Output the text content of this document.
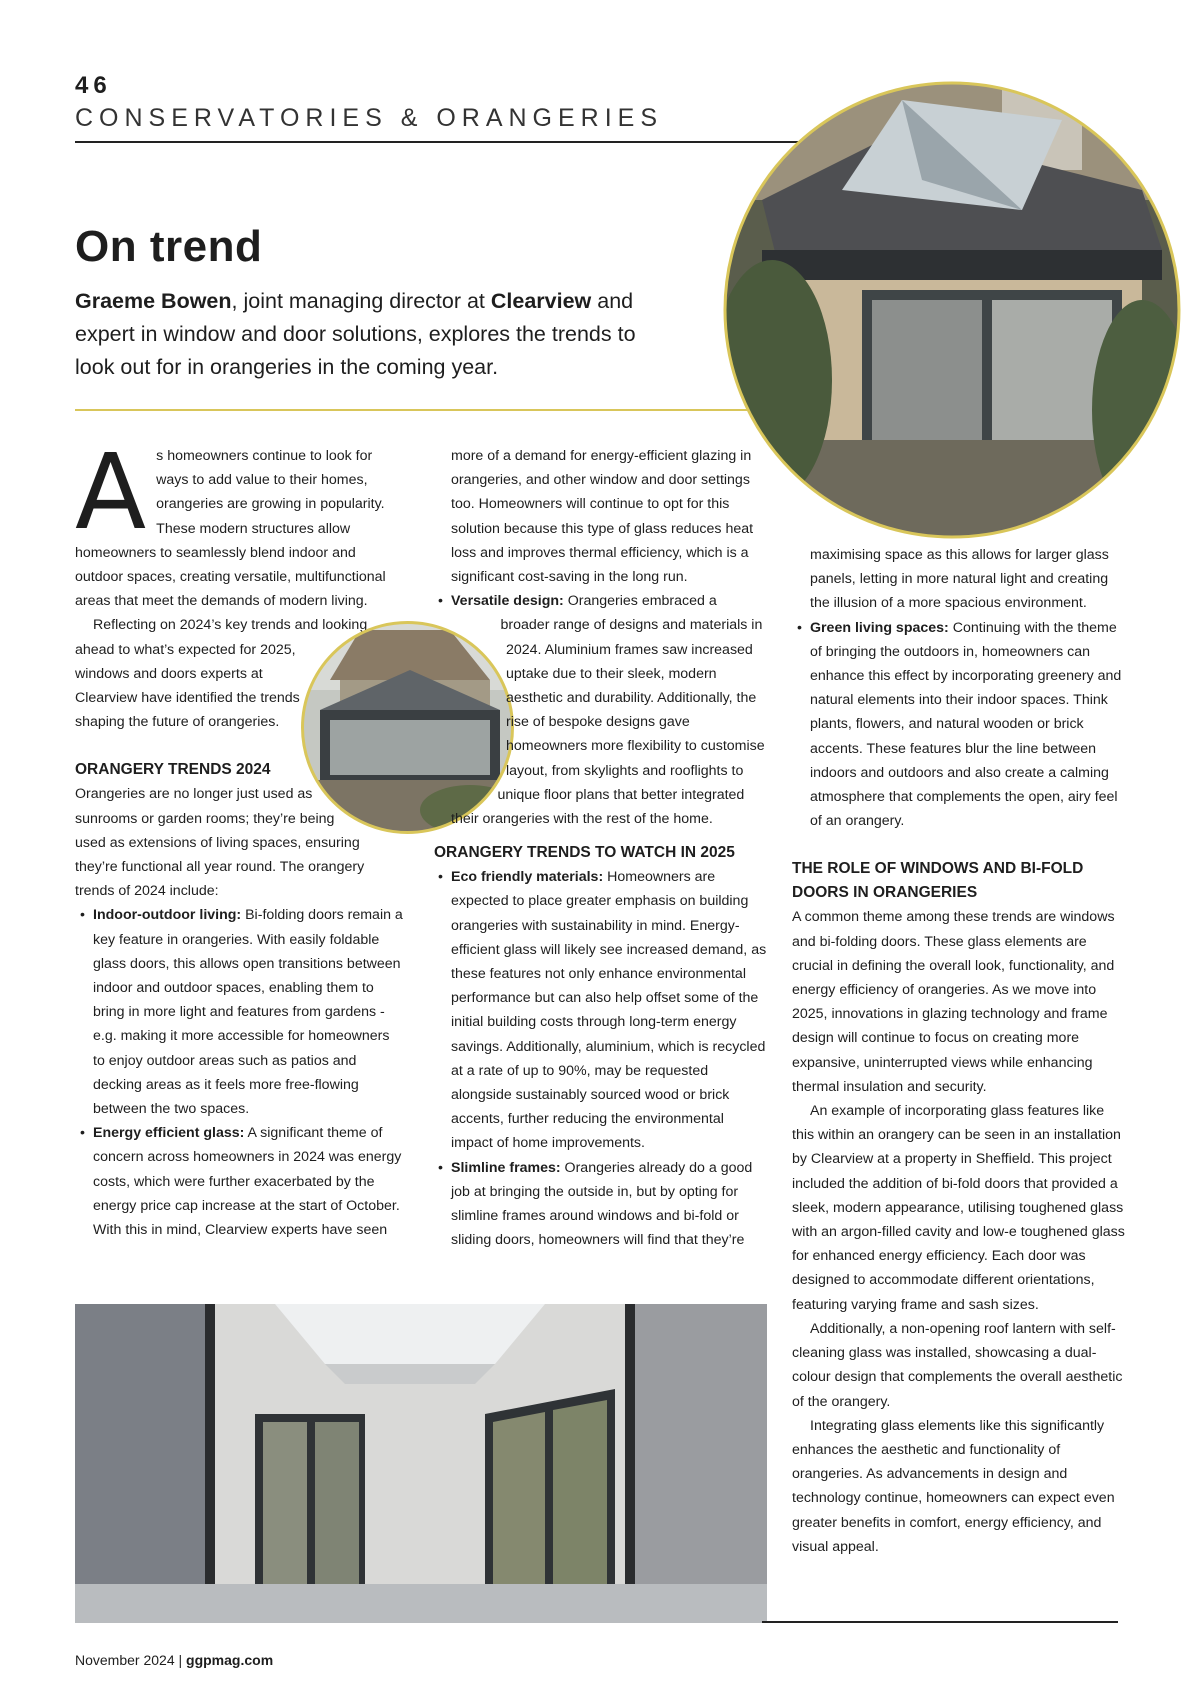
46
CONSERVATORIES & ORANGERIES
On trend
Graeme Bowen, joint managing director at Clearview and expert in window and door solutions, explores the trends to look out for in orangeries in the coming year.
A s homeowners continue to look for ways to add value to their homes, orangeries are growing in popularity. These modern structures allow homeowners to seamlessly blend indoor and outdoor spaces, creating versatile, multifunctional areas that meet the demands of modern living.

Reflecting on 2024’s key trends and looking ahead to what’s expected for 2025, windows and doors experts at Clearview have identified the trends shaping the future of orangeries.

ORANGERY TRENDS 2024

Orangeries are no longer just used as sunrooms or garden rooms; they’re being used as extensions of living spaces, ensuring they’re functional all year round. The orangery trends of 2024 include:

• Indoor-outdoor living: Bi-folding doors remain a key feature in orangeries. With easily foldable glass doors, this allows open transitions between indoor and outdoor spaces, enabling them to bring in more light and features from gardens - e.g. making it more accessible for homeowners to enjoy outdoor areas such as patios and decking areas as it feels more free-flowing between the two spaces.

• Energy efficient glass: A significant theme of concern across homeowners in 2024 was energy costs, which were further exacerbated by the energy price cap increase at the start of October. With this in mind, Clearview experts have seen

more of a demand for energy-efficient glazing in orangeries, and other window and door settings too. Homeowners will continue to opt for this solution because this type of glass reduces heat loss and improves thermal efficiency, which is a significant cost-saving in the long run.

• Versatile design: Orangeries embraced a broader range of designs and materials in 2024. Aluminium frames saw increased uptake due to their sleek, modern aesthetic and durability. Additionally, the rise of bespoke designs gave homeowners more flexibility to customise layout, from skylights and rooflights to unique floor plans that better integrated their orangeries with the rest of the home.

ORANGERY TRENDS TO WATCH IN 2025

• Eco friendly materials: Homeowners are expected to place greater emphasis on building orangeries with sustainability in mind. Energy-efficient glass will likely see increased demand, as these features not only enhance environmental performance but can also help offset some of the initial building costs through long-term energy savings. Additionally, aluminium, which is recycled at a rate of up to 90%, may be requested alongside sustainably sourced wood or brick accents, further reducing the environmental impact of home improvements.

• Slimline frames: Orangeries already do a good job at bringing the outside in, but by opting for slimline frames around windows and bi-fold or sliding doors, homeowners will find that they’re

maximising space as this allows for larger glass panels, letting in more natural light and creating the illusion of a more spacious environment.

• Green living spaces: Continuing with the theme of bringing the outdoors in, homeowners can enhance this effect by incorporating greenery and natural elements into their indoor spaces. Think plants, flowers, and natural wooden or brick accents. These features blur the line between indoors and outdoors and also create a calming atmosphere that complements the open, airy feel of an orangery.

THE ROLE OF WINDOWS AND BI-FOLD DOORS IN ORANGERIES

A common theme among these trends are windows and bi-folding doors. These glass elements are crucial in defining the overall look, functionality, and energy efficiency of orangeries. As we move into 2025, innovations in glazing technology and frame design will continue to focus on creating more expansive, uninterrupted views while enhancing thermal insulation and security.

An example of incorporating glass features like this within an orangery can be seen in an installation by Clearview at a property in Sheffield. This project included the addition of bi-fold doors that provided a sleek, modern appearance, utilising toughened glass with an argon-filled cavity and low-e toughened glass for enhanced energy efficiency. Each door was designed to accommodate different orientations, featuring varying frame and sash sizes.

Additionally, a non-opening roof lantern with self-cleaning glass was installed, showcasing a dual-colour design that complements the overall aesthetic of the orangery.

Integrating glass elements like this significantly enhances the aesthetic and functionality of orangeries. As advancements in design and technology continue, homeowners can expect even greater benefits in comfort, energy efficiency, and visual appeal.

November 2024 | ggpmag.com
